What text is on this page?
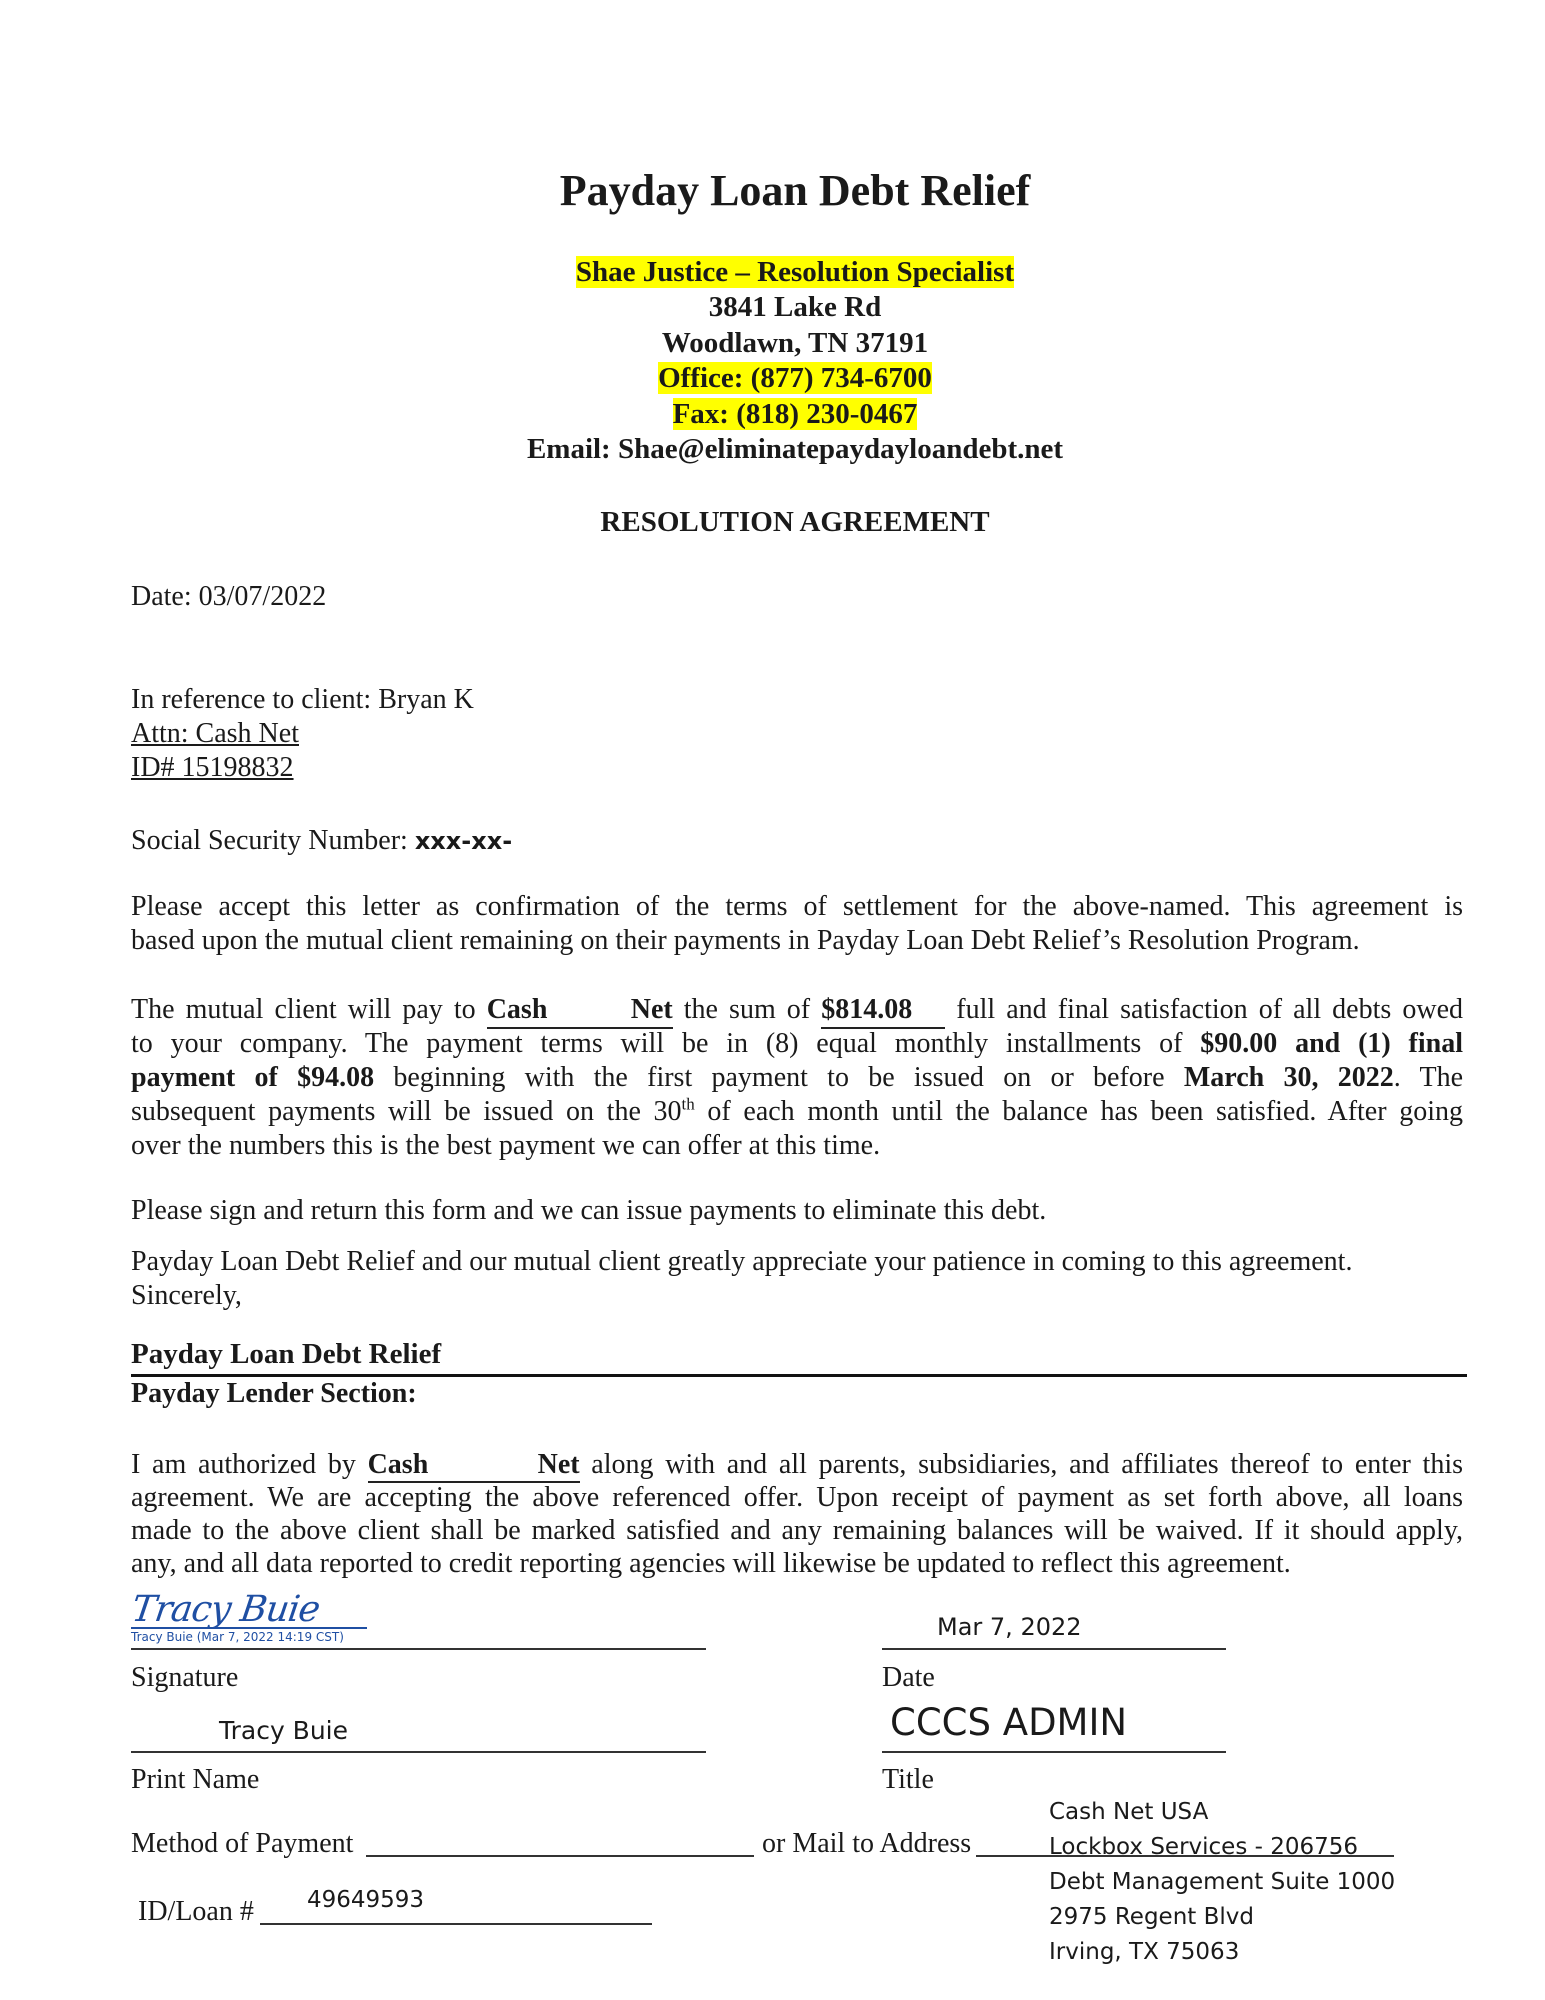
Payday Loan Debt Relief
Shae Justice – Resolution Specialist
3841 Lake Rd
Woodlawn, TN 37191
Office: (877) 734-6700
Fax: (818) 230-0467
Email: Shae@eliminatepaydayloandebt.net
RESOLUTION AGREEMENT
Date: 03/07/2022
In reference to client: Bryan K
Attn: Cash Net
ID# 15198832
Social Security Number: xxx-xx-
Please accept this letter as confirmation of the terms of settlement for the above-named. This agreement is
based upon the mutual client remaining on their payments in Payday Loan Debt Relief’s Resolution Program.
The mutual client will pay to Cash Net the sum of $814.08 full and final satisfaction of all debts owed
to your company. The payment terms will be in (8) equal monthly installments of $90.00 and (1) final
payment of $94.08 beginning with the first payment to be issued on or before March 30, 2022. The
subsequent payments will be issued on the 30th of each month until the balance has been satisfied. After going
over the numbers this is the best payment we can offer at this time.
Please sign and return this form and we can issue payments to eliminate this debt.
Payday Loan Debt Relief and our mutual client greatly appreciate your patience in coming to this agreement.
Sincerely,
Payday Loan Debt Relief
Payday Lender Section:
I am authorized by Cash Net along with and all parents, subsidiaries, and affiliates thereof to enter this
agreement. We are accepting the above referenced offer. Upon receipt of payment as set forth above, all loans
made to the above client shall be marked satisfied and any remaining balances will be waived. If it should apply,
any, and all data reported to credit reporting agencies will likewise be updated to reflect this agreement.
Tracy Buie
Tracy Buie (Mar 7, 2022 14:19 CST)
Signature
Mar 7, 2022
Date
Tracy Buie
Print Name
CCCS ADMIN
Title
Method of Payment	or Mail to Address
Cash Net USA
Lockbox Services - 206756
Debt Management Suite 1000
2975 Regent Blvd
Irving, TX 75063
ID/Loan # 49649593
